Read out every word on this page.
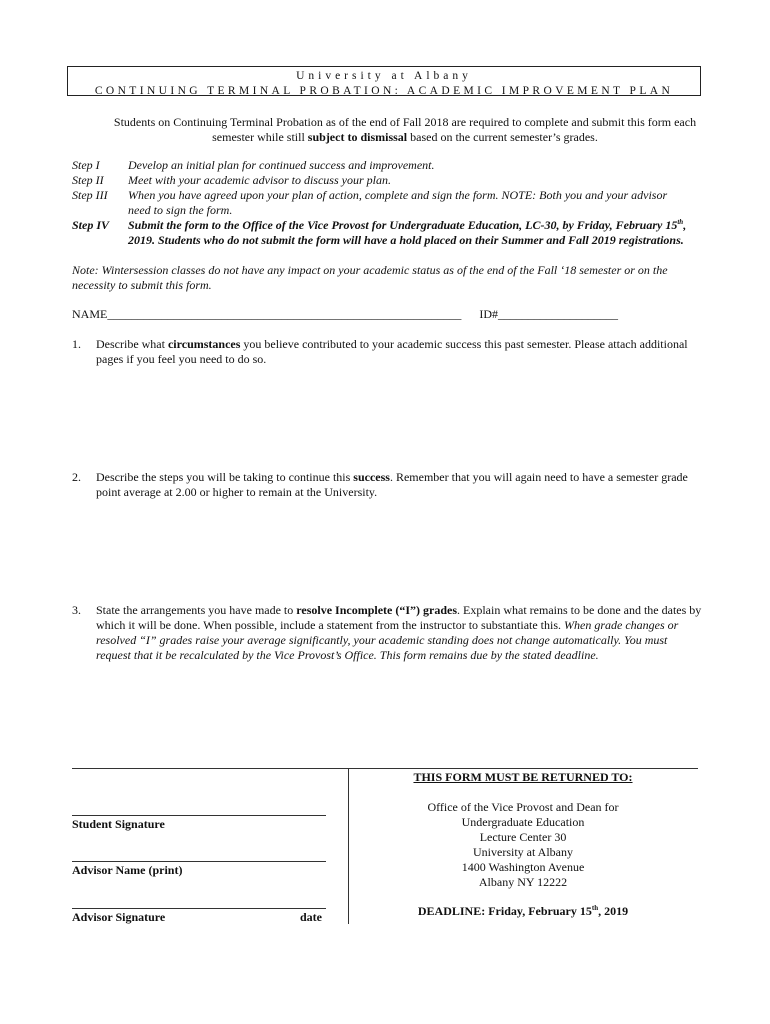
University at Albany
CONTINUING TERMINAL PROBATION: ACADEMIC IMPROVEMENT PLAN
Students on Continuing Terminal Probation as of the end of Fall 2018 are required to complete and submit this form each semester while still subject to dismissal based on the current semester’s grades.
Step I	Develop an initial plan for continued success and improvement.
Step II	Meet with your academic advisor to discuss your plan.
Step III	When you have agreed upon your plan of action, complete and sign the form. NOTE: Both you and your advisor need to sign the form.
Step IV	Submit the form to the Office of the Vice Provost for Undergraduate Education, LC-30, by Friday, February 15th, 2019. Students who do not submit the form will have a hold placed on their Summer and Fall 2019 registrations.
Note: Wintersession classes do not have any impact on your academic status as of the end of the Fall ‘18 semester or on the necessity to submit this form.
NAME___________________________________________________________ ID#____________________
1. Describe what circumstances you believe contributed to your academic success this past semester. Please attach additional pages if you feel you need to do so.
2. Describe the steps you will be taking to continue this success. Remember that you will again need to have a semester grade point average at 2.00 or higher to remain at the University.
3. State the arrangements you have made to resolve Incomplete (“I”) grades. Explain what remains to be done and the dates by which it will be done. When possible, include a statement from the instructor to substantiate this. When grade changes or resolved “I” grades raise your average significantly, your academic standing does not change automatically. You must request that it be recalculated by the Vice Provost’s Office. This form remains due by the stated deadline.
Student Signature
Advisor Name (print)
Advisor Signature	date
THIS FORM MUST BE RETURNED TO:
Office of the Vice Provost and Dean for Undergraduate Education
Lecture Center 30
University at Albany
1400 Washington Avenue
Albany NY 12222
DEADLINE: Friday, February 15th, 2019
